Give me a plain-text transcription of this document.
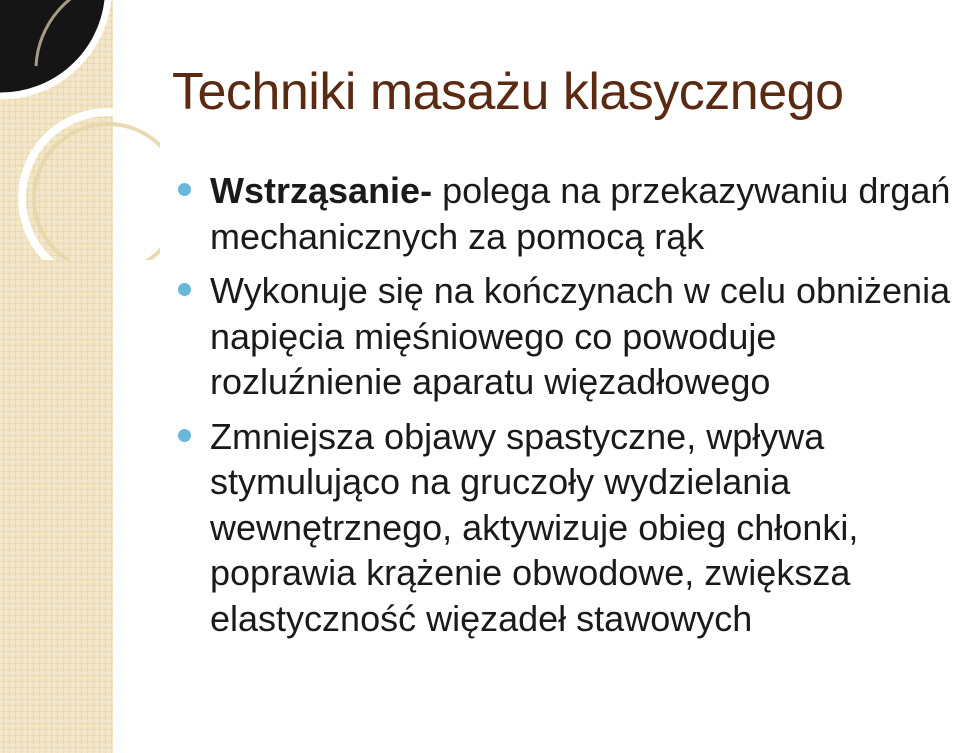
Techniki masażu klasycznego
Wstrząsanie- polega na przekazywaniu drgań mechanicznych za pomocą rąk
Wykonuje się na kończynach w celu obniżenia napięcia mięśniowego co powoduje rozluźnienie aparatu więzadłowego
Zmniejsza objawy spastyczne, wpływa stymulująco na gruczoły wydzielania wewnętrznego, aktywizuje obieg chłonki, poprawia krążenie obwodowe, zwiększa elastyczność więzadeł stawowych
